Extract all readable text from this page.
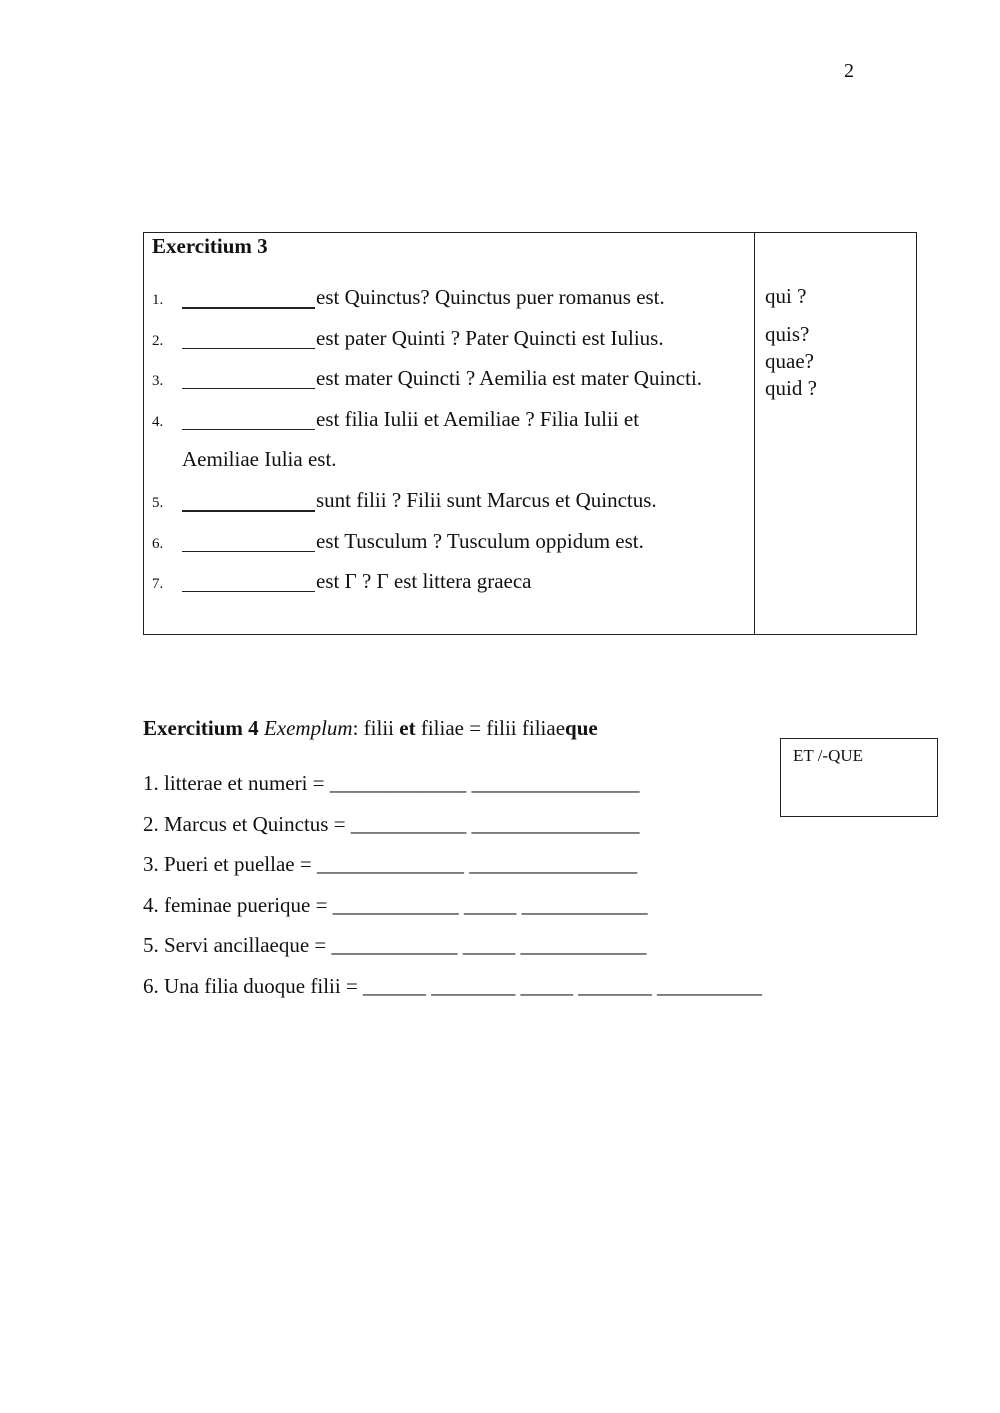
2
Exercitium 3
1.	est Quinctus? Quinctus puer romanus est.
2.	est pater Quinti ? Pater Quincti est Iulius.
3.	est mater Quincti ? Aemilia est mater Quincti.
4.	est filia Iulii et Aemiliae ? Filia Iulii et
Aemiliae Iulia est.
5.	sunt filii ? Filii sunt Marcus et Quinctus.
6.	est Tusculum ? Tusculum oppidum est.
7.	est Γ ? Γ est littera graeca
qui ?
quis?
quae?
quid ?
Exercitium 4 Exemplum: filii et filiae = filii filiaeque
ET /-QUE
1. litterae et numeri = _____________ ________________
2. Marcus et Quinctus = ___________ ________________
3. Pueri et puellae = ______________ ________________
4. feminae puerique = ____________ _____ ____________
5. Servi ancillaeque = ____________ _____ ____________
6. Una filia duoque filii = ______ ________ _____ _______ __________
